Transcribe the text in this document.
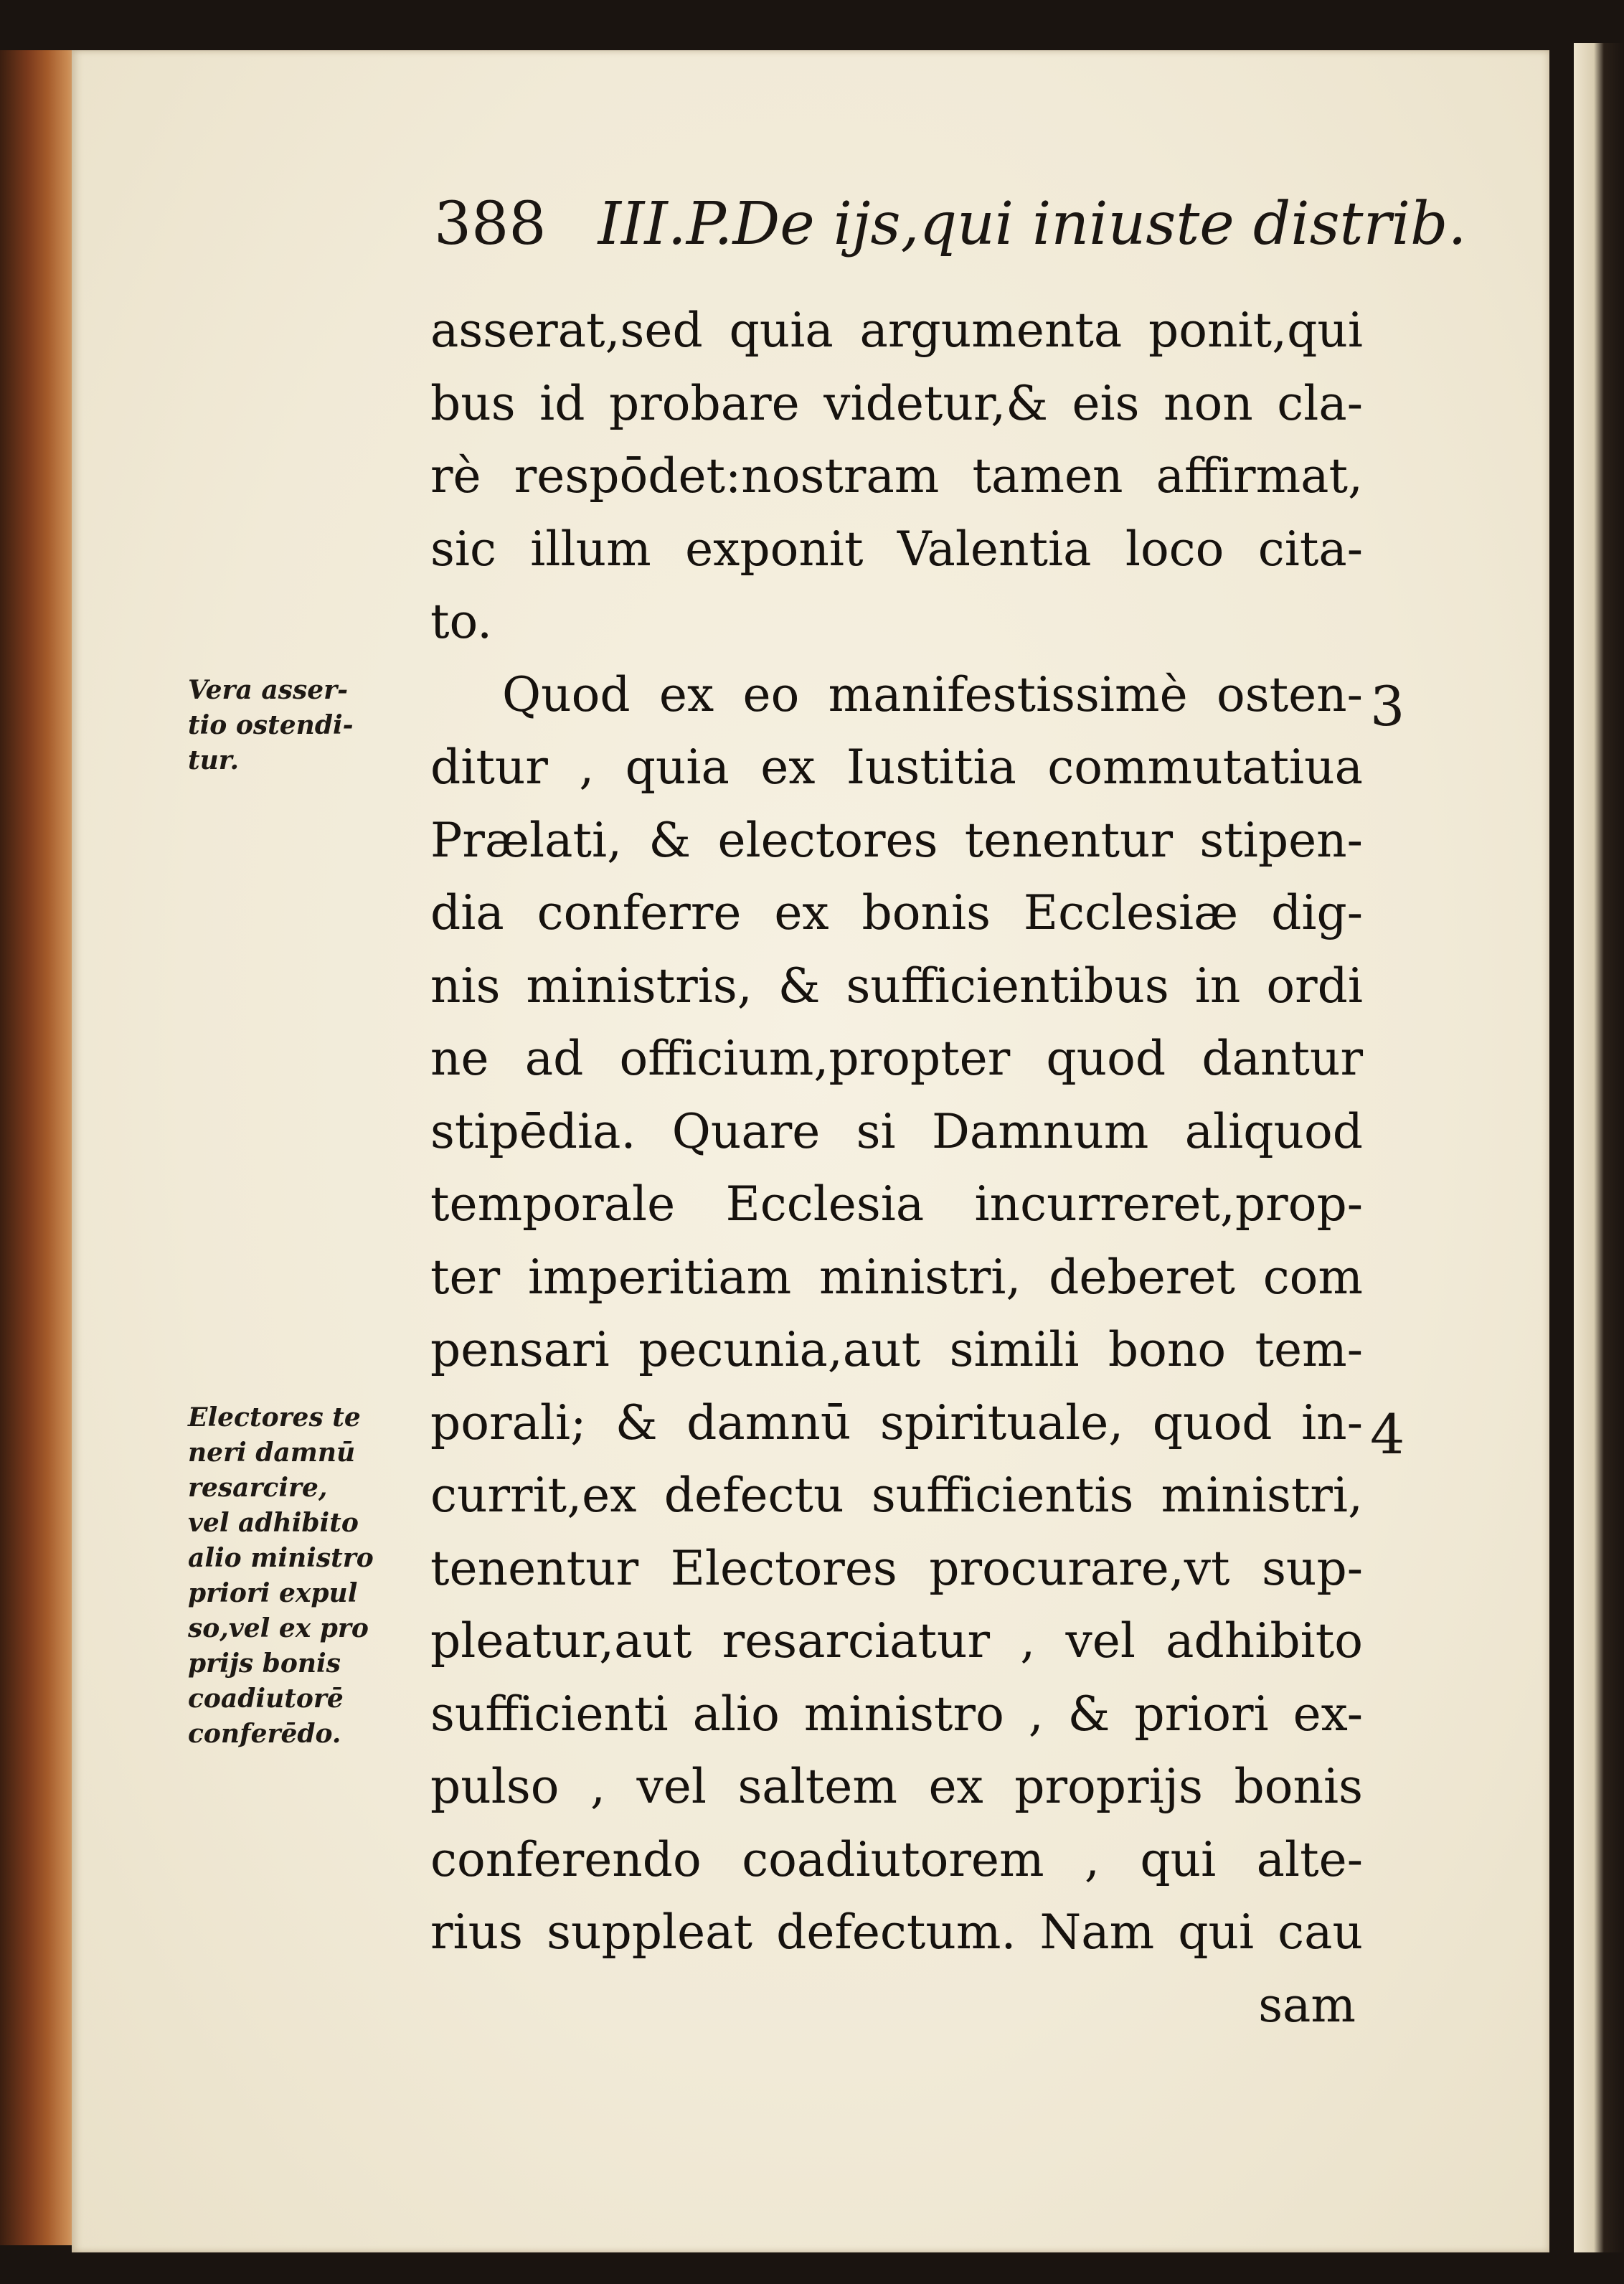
388 III.P.De ijs,qui iniuste distrib.
asserat,sed quia argumenta ponit,qui
bus id probare videtur,& eis non cla-
rè respōdet:nostram tamen affirmat,
sic illum exponit Valentia loco cita-
to.
Quod ex eo manifestissimè osten-
ditur , quia ex Iustitia commutatiua
Prælati, & electores tenentur stipen-
dia conferre ex bonis Ecclesiæ dig-
nis ministris, & sufficientibus in ordi
ne ad officium,propter quod dantur
stipēdia. Quare si Damnum aliquod
temporale Ecclesia incurreret,prop-
ter imperitiam ministri, deberet com
pensari pecunia,aut simili bono tem-
porali; & damnū spirituale, quod in-
currit,ex defectu sufficientis ministri,
tenentur Electores procurare,vt sup-
pleatur,aut resarciatur , vel adhibito
sufficienti alio ministro , & priori ex-
pulso , vel saltem ex proprijs bonis
conferendo coadiutorem , qui alte-
rius suppleat defectum. Nam qui cau
sam
Vera asser-
tio ostendi-
tur.
Electores te
neri damnū
resarcire,
vel adhibito
alio ministro
priori expul
so,vel ex pro
prijs bonis
coadiutorē
conferēdo.
3
4
